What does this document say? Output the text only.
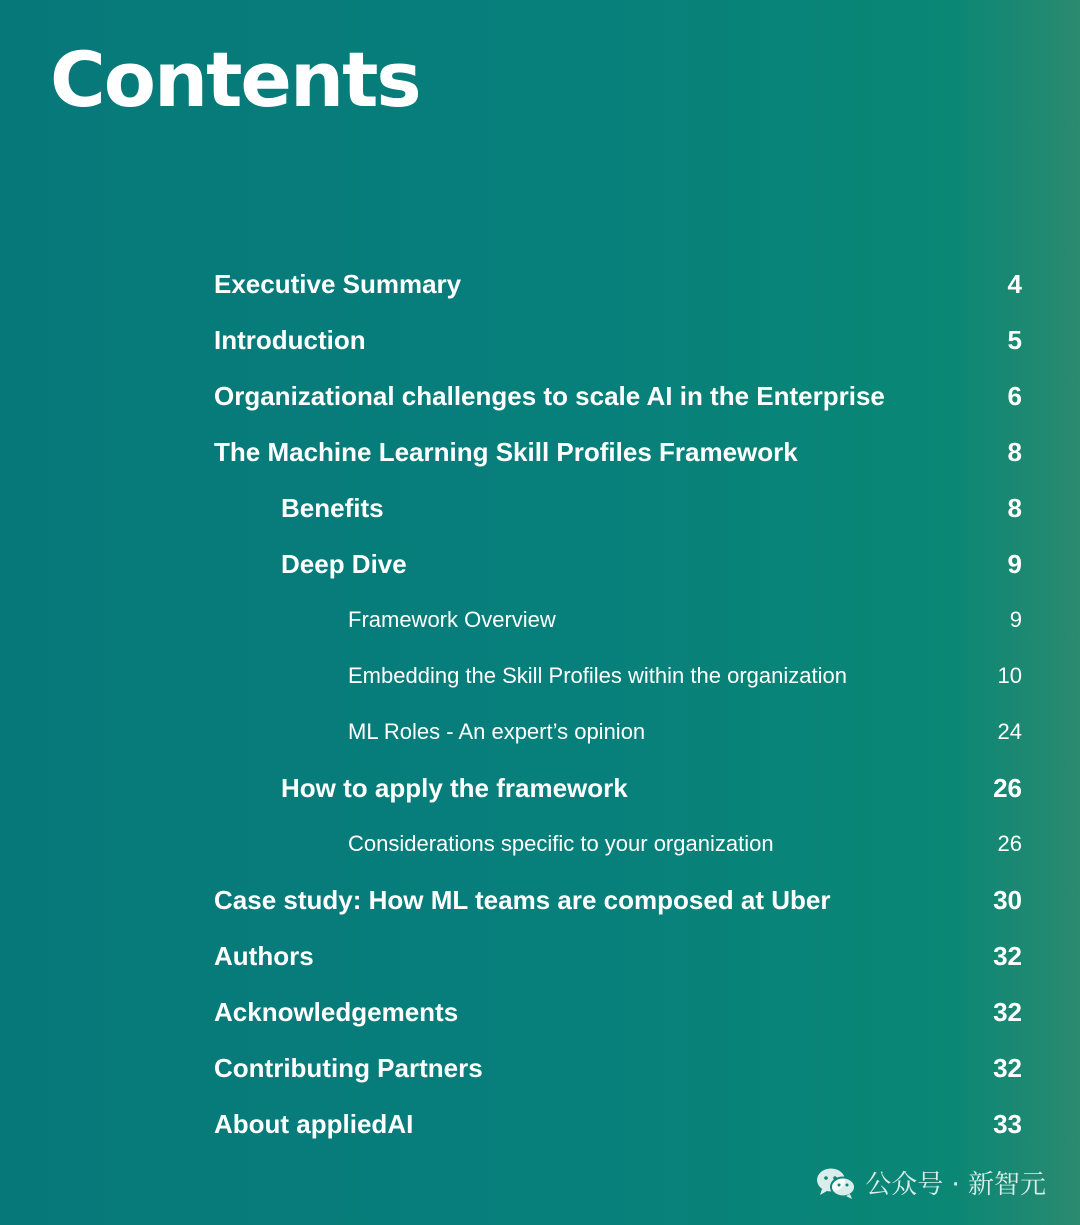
Contents
Executive Summary	4
Introduction	5
Organizational challenges to scale AI in the Enterprise	6
The Machine Learning Skill Profiles Framework	8
Benefits	8
Deep Dive	9
Framework Overview	9
Embedding the Skill Profiles within the organization	10
ML Roles - An expert’s opinion	24
How to apply the framework	26
Considerations specific to your organization	26
Case study: How ML teams are composed at Uber	30
Authors	32
Acknowledgements	32
Contributing Partners	32
About appliedAI	33
公众号 · 新智元
